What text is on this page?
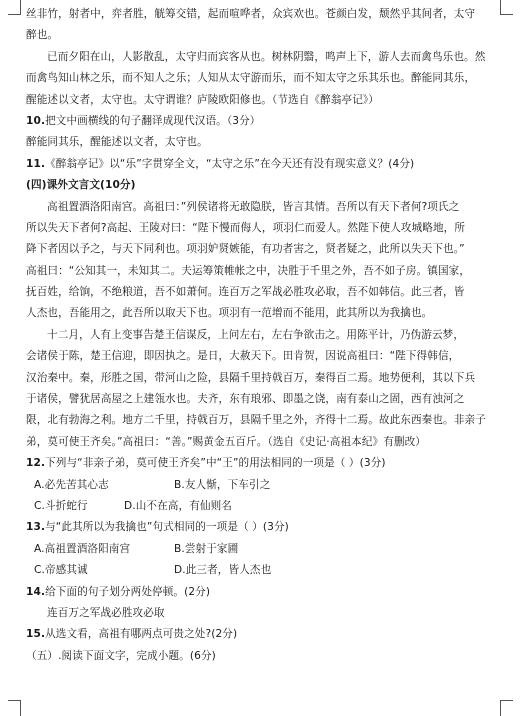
丝非竹，射者中，弈者胜，觥筹交错，起而喧哗者，众宾欢也。苍颜白发，颓然乎其间者，太守
醉也。
已而夕阳在山，人影散乱，太守归而宾客从也。树林阴翳，鸣声上下，游人去而禽鸟乐也。然
而禽鸟知山林之乐，而不知人之乐；人知从太守游而乐，而不知太守之乐其乐也。醉能同其乐，
醒能述以文者，太守也。太守谓谁？庐陵欧阳修也。（节选自《醉翁亭记》）
10.把文中画横线的句子翻译成现代汉语。（3分）
醉能同其乐，醒能述以文者，太守也。
11.《醉翁亭记》以“乐”字贯穿全文，“太守之乐”在今天还有没有现实意义？(4分)
(四)课外文言文(10分)
高祖置酒洛阳南宫。高祖曰：”列侯诸将无敢隐朕，皆言其情。吾所以有天下者何?项氏之
所以失天下者何?高起、王陵对曰：“陛下慢而侮人，项羽仁而爱人。然陛下使人攻城略地，所
降下者因以予之，与天下同利也。项羽妒贤嫉能，有功者害之，贤者疑之，此所以失天下也。”
高祖曰：“公知其一，未知其二。夫运筹策帷帐之中，决胜于千里之外，吾不如子房。镇国家，
抚百姓，给饷，不绝粮道，吾不如萧何。连百万之军战必胜攻必取，吾不如韩信。此三者，皆
人杰也，吾能用之，此吾所以取天下也。项羽有一范增而不能用，此其所以为我擒也。
十二月，人有上变事告楚王信谋反，上问左右，左右争欲击之。用陈平计，乃伪游云梦，
会诸侯于陈，楚王信迎，即因执之。是日，大赦天下。田肯贺，因说高祖曰：“陛下得韩信，
汉治秦中。秦，形胜之国，带河山之险，县隔千里持戟百万，秦得百二焉。地势便利，其以下兵
于诸侯，譬犹居高屋之上建瓴水也。夫齐，东有琅邪、即墨之饶，南有泰山之固，西有浊河之
限，北有勃海之利。地方二千里，持戟百万，县隔千里之外，齐得十二焉。故此东西秦也。非亲子
弟，莫可使王齐矣。”高祖曰：“善。”赐黄金五百斤。（选自《史记·高祖本纪》有删改）
12.下列与“非亲子弟，莫可使王齐矣”中“王”的用法相同的一项是（ ）(3分)
A.必先苦其心志	B.友人惭，下车引之
C.斗折蛇行	D.山不在高，有仙则名
13.与“此其所以为我擒也”句式相同的一项是（ ）(3分)
A.高祖置酒洛阳南宫	B.尝射于家圃
C.帝感其诚	D.此三者，皆人杰也
14.给下面的句子划分两处停顿。(2分)
连百万之军战必胜攻必取
15.从选文看，高祖有哪两点可贵之处?(2分)
（五）.阅读下面文字，完成小题。(6分)
